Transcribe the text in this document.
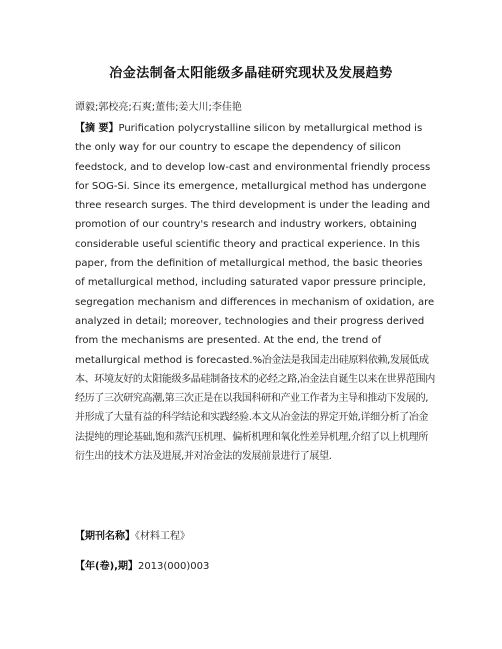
冶金法制备太阳能级多晶硅研究现状及发展趋势
谭毅;郭校亮;石爽;董伟;姜大川;李佳艳

【摘 要】Purification polycrystalline silicon by metallurgical method is the only way for our country to escape the dependency of silicon feedstock, and to develop low-cast and environmental friendly process for SOG-Si. Since its emergence, metallurgical method has undergone three research surges. The third development is under the leading and promotion of our country's research and industry workers, obtaining considerable useful scientific theory and practical experience. In this paper, from the definition of metallurgical method, the basic theories of metallurgical method, including saturated vapor pressure principle, segregation mechanism and differences in mechanism of oxidation, are analyzed in detail; moreover, technologies and their progress derived from the mechanisms are presented. At the end, the trend of metallurgical method is forecasted.%冶金法是我国走出硅原料依赖,发展低成本、环境友好的太阳能级多晶硅制备技术的必经之路,冶金法自诞生以来在世界范围内经历了三次研究高潮,第三次正是在以我国科研和产业工作者为主导和推动下发展的,并形成了大量有益的科学结论和实践经验.本文从冶金法的界定开始,详细分析了冶金法提纯的理论基础,饱和蒸汽压机理、偏析机理和氧化性差异机理,介绍了以上机理所衍生出的技术方法及进展,并对冶金法的发展前景进行了展望.

【期刊名称】《材料工程》
【年(卷),期】2013(000)003
